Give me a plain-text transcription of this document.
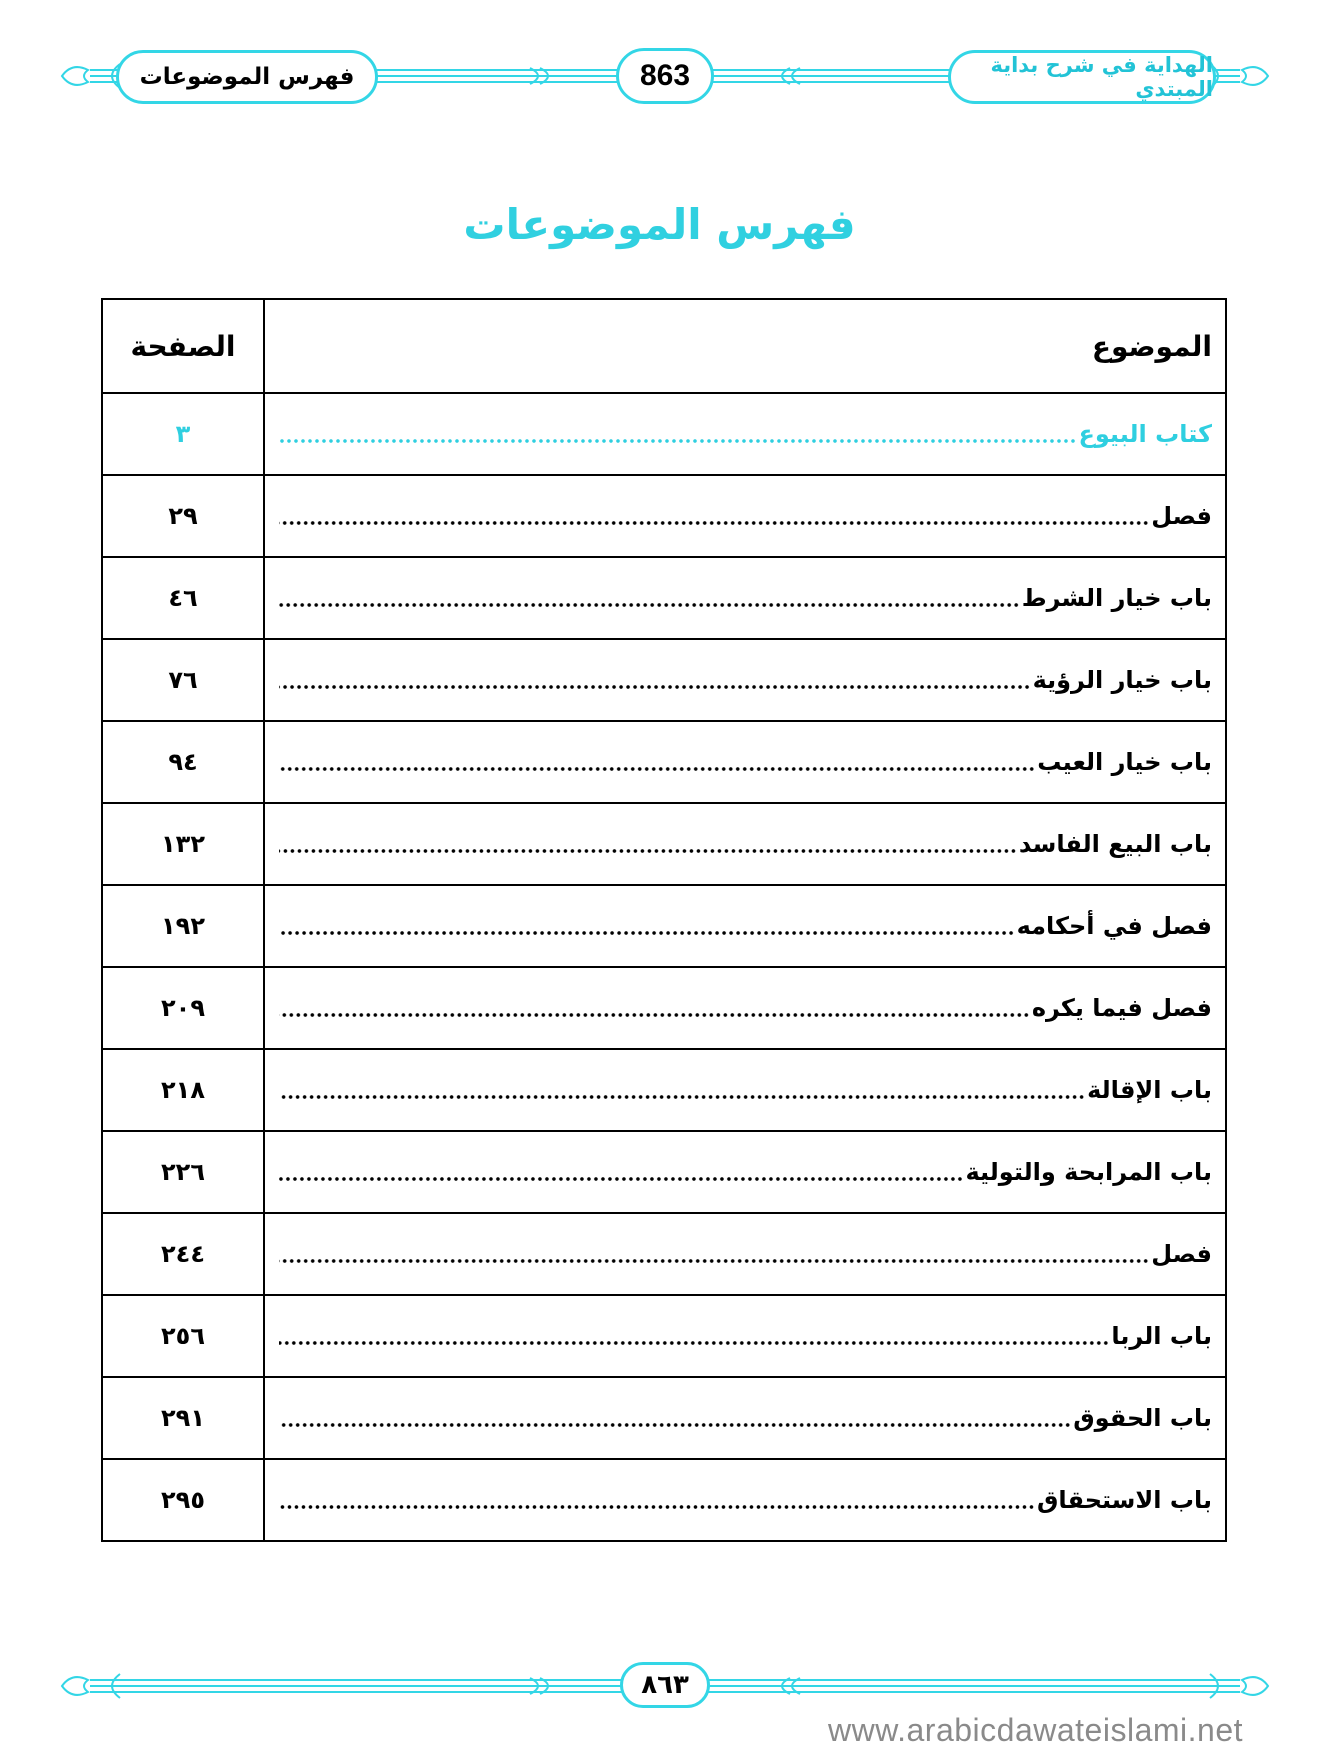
فهرس الموضوعات	863	الهداية في شرح بداية المبتدي
فهرس الموضوعات
الموضوع
الصفحة
كتاب البيوع
٣
فصل
٢٩
باب خيار الشرط
٤٦
باب خيار الرؤية
٧٦
باب خيار العيب
٩٤
باب البيع الفاسد
١٣٢
فصل في أحكامه
١٩٢
فصل فيما يكره
٢٠٩
باب الإقالة
٢١٨
باب المرابحة والتولية
٢٢٦
فصل
٢٤٤
باب الربا
٢٥٦
باب الحقوق
٢٩١
باب الاستحقاق
٢٩٥
٨٦٣
www.arabicdawateislami.net
